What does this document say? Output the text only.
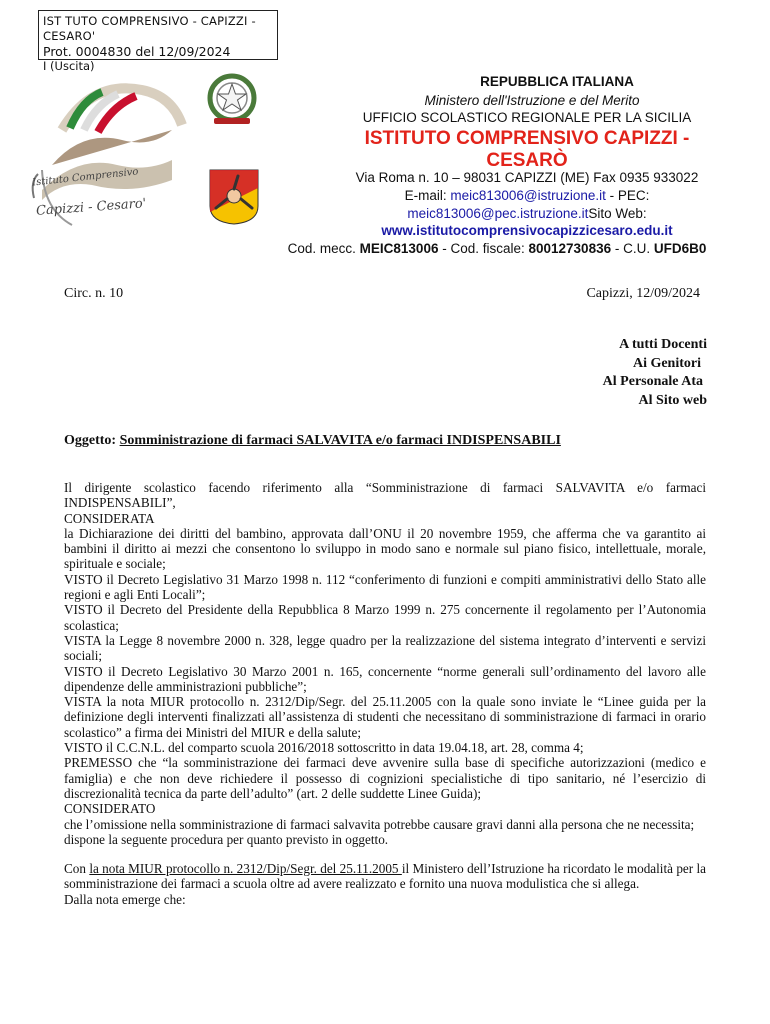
IST TUTO COMPRENSIVO - CAPIZZI - CESARO'
Prot. 0004830 del 12/09/2024
I (Uscita)
Istituto Comprensivo
Capizzi - Cesaro'
REPUBBLICA ITALIANA
Ministero dell'Istruzione e del Merito
UFFICIO SCOLASTICO REGIONALE PER LA SICILIA
ISTITUTO COMPRENSIVO CAPIZZI -
CESARÒ
Via Roma n. 10 – 98031 CAPIZZI (ME) Fax 0935 933022
E-mail: meic813006@istruzione.it - PEC:
meic813006@pec.istruzione.itSito Web:
www.istitutocomprensivocapizzicesaro.edu.it
Cod. mecc. MEIC813006 - Cod. fiscale: 80012730836 - C.U. UFD6B0
Circ. n. 10	Capizzi, 12/09/2024
A tutti Docenti
Ai Genitori
Al Personale Ata
Al Sito web
Oggetto: Somministrazione di farmaci SALVAVITA e/o farmaci INDISPENSABILI

Il dirigente scolastico facendo riferimento alla “Somministrazione di farmaci SALVAVITA e/o farmaci INDISPENSABILI”,

CONSIDERATA

la Dichiarazione dei diritti del bambino, approvata dall’ONU il 20 novembre 1959, che afferma che va garantito ai bambini il diritto ai mezzi che consentono lo sviluppo in modo sano e normale sul piano fisico, intellettuale, morale, spirituale e sociale;

VISTO il Decreto Legislativo 31 Marzo 1998 n. 112 “conferimento di funzioni e compiti amministrativi dello Stato alle regioni e agli Enti Locali”;

VISTO il Decreto del Presidente della Repubblica 8 Marzo 1999 n. 275 concernente il regolamento per l’Autonomia scolastica;

VISTA la Legge 8 novembre 2000 n. 328, legge quadro per la realizzazione del sistema integrato d’interventi e servizi sociali;

VISTO il Decreto Legislativo 30 Marzo 2001 n. 165, concernente “norme generali sull’ordinamento del lavoro alle dipendenze delle amministrazioni pubbliche”;

VISTA la nota MIUR protocollo n. 2312/Dip/Segr. del 25.11.2005 con la quale sono inviate le “Linee guida per la definizione degli interventi finalizzati all’assistenza di studenti che necessitano di somministrazione di farmaci in orario scolastico” a firma dei Ministri del MIUR e della salute;

VISTO il C.C.N.L. del comparto scuola 2016/2018 sottoscritto in data 19.04.18, art. 28, comma 4;

PREMESSO che “la somministrazione dei farmaci deve avvenire sulla base di specifiche autorizzazioni (medico e famiglia) e che non deve richiedere il possesso di cognizioni specialistiche di tipo sanitario, né l’esercizio di discrezionalità tecnica da parte dell’adulto” (art. 2 delle suddette Linee Guida);

CONSIDERATO

che l’omissione nella somministrazione di farmaci salvavita potrebbe causare gravi danni alla persona che ne necessita;

dispone la seguente procedura per quanto previsto in oggetto.

Con la nota MIUR protocollo n. 2312/Dip/Segr. del 25.11.2005 il Ministero dell’Istruzione ha ricordato le modalità per la somministrazione dei farmaci a scuola oltre ad avere realizzato e fornito una nuova modulistica che si allega.

Dalla nota emerge che:
